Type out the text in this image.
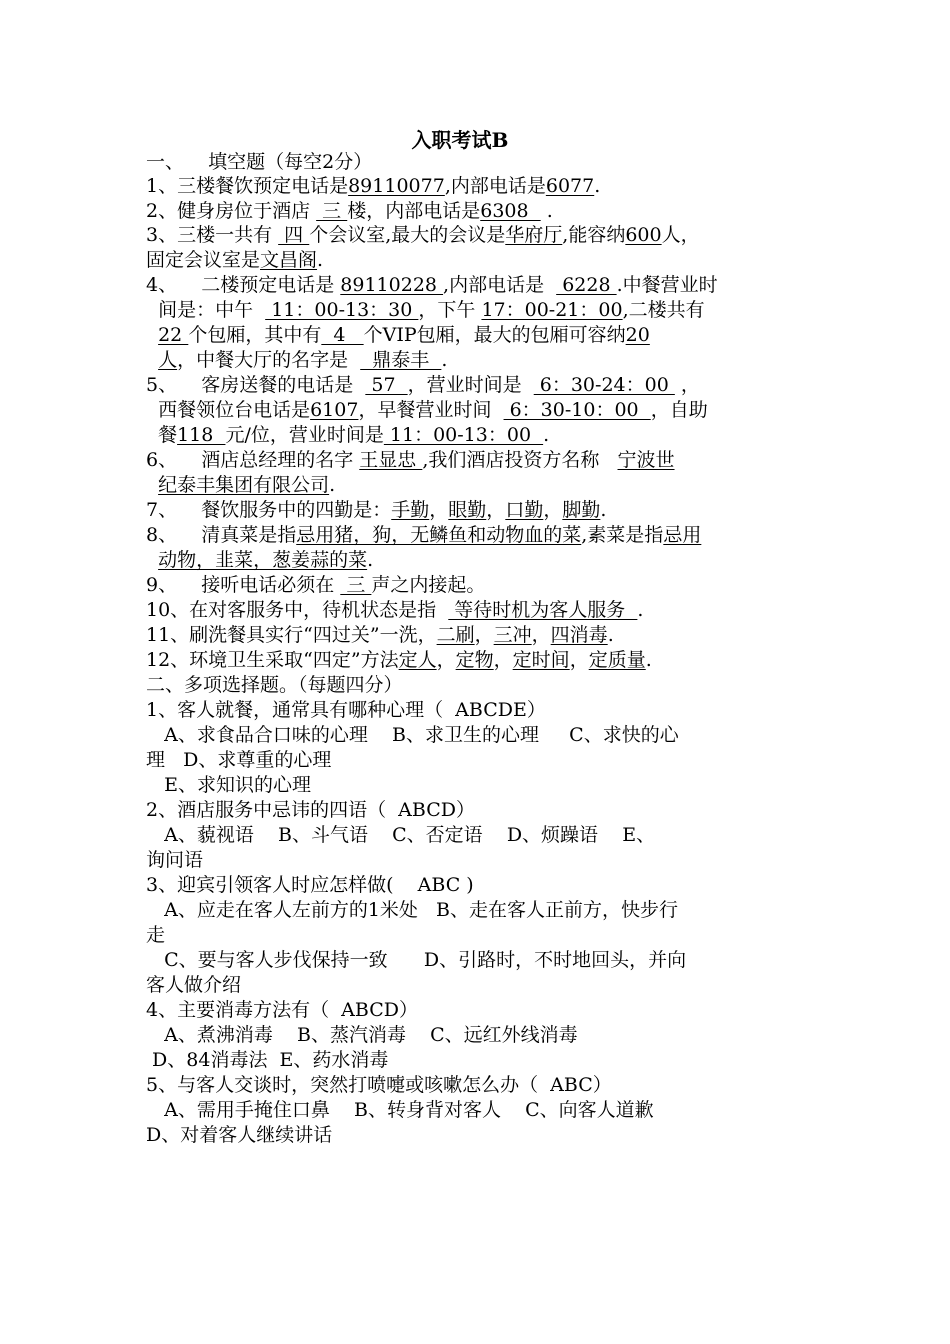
入职考试B
一、    填空题（每空2分）
1、三楼餐饮预定电话是89110077,内部电话是6077.
2、健身房位于酒店  三 楼，内部电话是6308   .
3、三楼一共有  四 个会议室,最大的会议是华府厅,能容纳600人，
固定会议室是文昌阁.
4、    二楼预定电话是 89110228 ,内部电话是   6228 .中餐营业时
间是：中午   11：00-13：30 ，下午 17：00-21：00,二楼共有
22 个包厢，其中有  4   个VIP包厢，最大的包厢可容纳20
人，中餐大厅的名字是    鼎泰丰  .
5、    客房送餐的电话是   57  ，营业时间是   6：30-24：00  ，
西餐领位台电话是6107，早餐营业时间   6：30-10：00  ，自助
餐118  元/位，营业时间是 11：00-13：00  .
6、    酒店总经理的名字 王显忠 ,我们酒店投资方名称   宁波世
纪泰丰集团有限公司.
7、    餐饮服务中的四勤是：手勤，眼勤，口勤，脚勤.
8、    清真菜是指忌用猪，狗，无鳞鱼和动物血的菜,素菜是指忌用
动物，韭菜，葱姜蒜的菜.
9、    接听电话必须在  三 声之内接起。
10、在对客服务中，待机状态是指   等待时机为客人服务  .
11、刷洗餐具实行“四过关”一洗，二刷，三冲，四消毒.
12、环境卫生采取“四定”方法定人，定物，定时间，定质量.
二、多项选择题。（每题四分）
1、客人就餐，通常具有哪种心理（  ABCDE）
A、求食品合口味的心理    B、求卫生的心理     C、求快的心
理   D、求尊重的心理
E、求知识的心理
2、酒店服务中忌讳的四语（  ABCD）
A、藐视语    B、斗气语    C、否定语    D、烦躁语    E、
询问语
3、迎宾引领客人时应怎样做(    ABC )
A、应走在客人左前方的1米处   B、走在客人正前方，快步行
走
C、要与客人步伐保持一致      D、引路时，不时地回头，并向
客人做介绍
4、主要消毒方法有（  ABCD）
A、煮沸消毒    B、蒸汽消毒    C、远红外线消毒
D、84消毒法  E、药水消毒
5、与客人交谈时，突然打喷嚏或咳嗽怎么办（  ABC）
A、需用手掩住口鼻    B、转身背对客人    C、向客人道歉
D、对着客人继续讲话
